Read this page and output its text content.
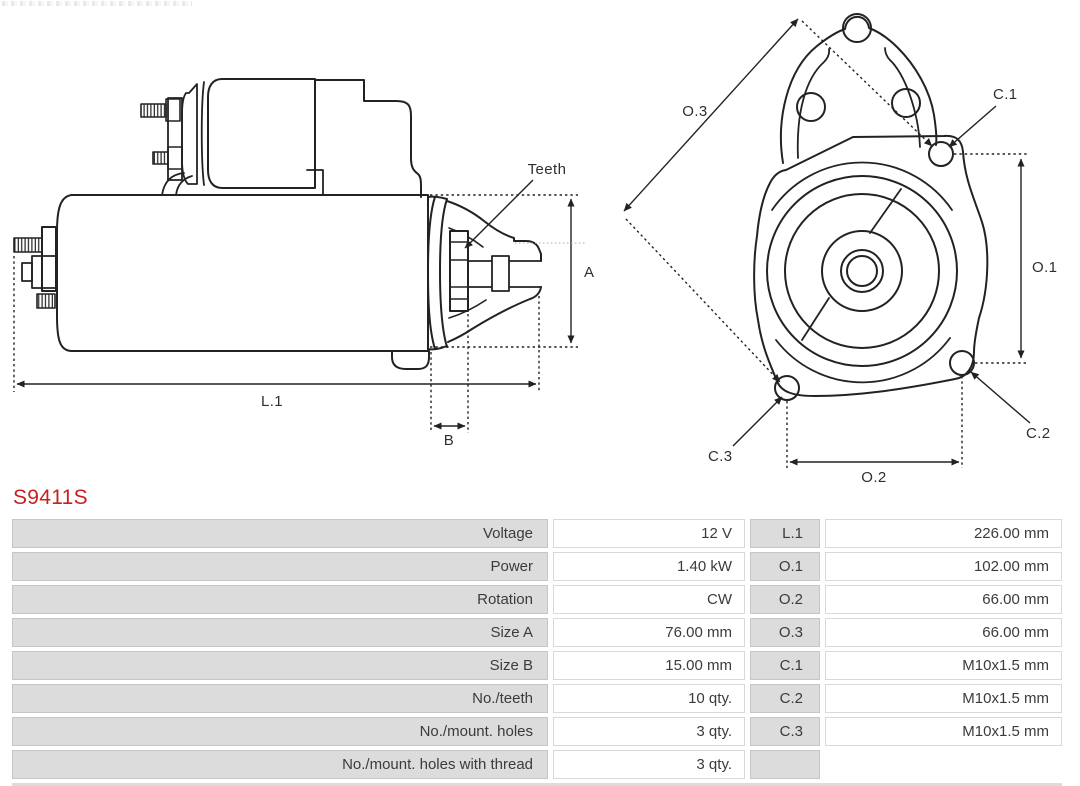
Teeth
A
L.1
B
O.3
C.1
O.1
C.2
C.3
O.2
S9411S
Voltage	12 V	L.1	226.00 mm
Power	1.40 kW	O.1	102.00 mm
Rotation	CW	O.2	66.00 mm
Size A	76.00 mm	O.3	66.00 mm
Size B	15.00 mm	C.1	M10x1.5 mm
No./teeth	10 qty.	C.2	M10x1.5 mm
No./mount. holes	3 qty.	C.3	M10x1.5 mm
No./mount. holes with thread	3 qty.
